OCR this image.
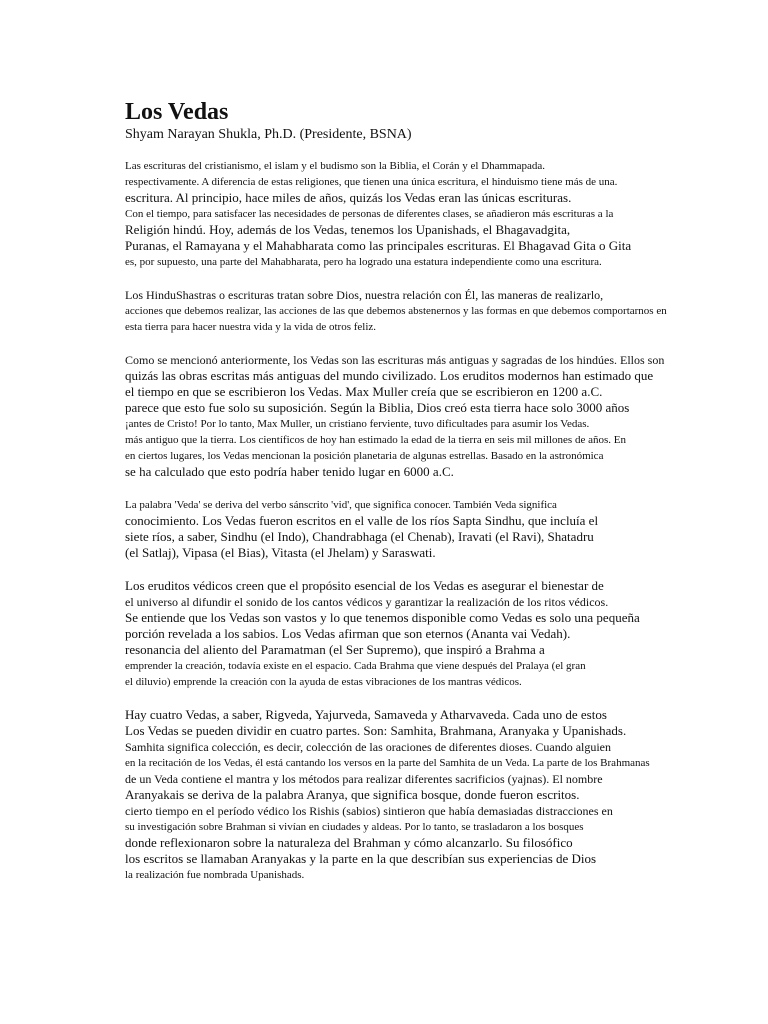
Los Vedas
Shyam Narayan Shukla, Ph.D. (Presidente, BSNA)
Las escrituras del cristianismo, el islam y el budismo son la Biblia, el Corán y el Dhammapada.
respectivamente. A diferencia de estas religiones, que tienen una única escritura, el hinduismo tiene más de una.
escritura. Al principio, hace miles de años, quizás los Vedas eran las únicas escrituras.
Con el tiempo, para satisfacer las necesidades de personas de diferentes clases, se añadieron más escrituras a la
Religión hindú. Hoy, además de los Vedas, tenemos los Upanishads, el Bhagavadgita,
Puranas, el Ramayana y el Mahabharata como las principales escrituras. El Bhagavad Gita o Gita
es, por supuesto, una parte del Mahabharata, pero ha logrado una estatura independiente como una escritura.
Los HinduShastras o escrituras tratan sobre Dios, nuestra relación con Él, las maneras de realizarlo,
acciones que debemos realizar, las acciones de las que debemos abstenernos y las formas en que debemos comportarnos en
esta tierra para hacer nuestra vida y la vida de otros feliz.
Como se mencionó anteriormente, los Vedas son las escrituras más antiguas y sagradas de los hindúes. Ellos son
quizás las obras escritas más antiguas del mundo civilizado. Los eruditos modernos han estimado que
el tiempo en que se escribieron los Vedas. Max Muller creía que se escribieron en 1200 a.C.
parece que esto fue solo su suposición. Según la Biblia, Dios creó esta tierra hace solo 3000 años
¡antes de Cristo! Por lo tanto, Max Muller, un cristiano ferviente, tuvo dificultades para asumir los Vedas.
más antiguo que la tierra. Los científicos de hoy han estimado la edad de la tierra en seis mil millones de años. En
en ciertos lugares, los Vedas mencionan la posición planetaria de algunas estrellas. Basado en la astronómica
se ha calculado que esto podría haber tenido lugar en 6000 a.C.
La palabra 'Veda' se deriva del verbo sánscrito 'vid', que significa conocer. También Veda significa
conocimiento. Los Vedas fueron escritos en el valle de los ríos Sapta Sindhu, que incluía el
siete ríos, a saber, Sindhu (el Indo), Chandrabhaga (el Chenab), Iravati (el Ravi), Shatadru
(el Satlaj), Vipasa (el Bias), Vitasta (el Jhelam) y Saraswati.
Los eruditos védicos creen que el propósito esencial de los Vedas es asegurar el bienestar de
el universo al difundir el sonido de los cantos védicos y garantizar la realización de los ritos védicos.
Se entiende que los Vedas son vastos y lo que tenemos disponible como Vedas es solo una pequeña
porción revelada a los sabios. Los Vedas afirman que son eternos (Ananta vai Vedah).
resonancia del aliento del Paramatman (el Ser Supremo), que inspiró a Brahma a
emprender la creación, todavía existe en el espacio. Cada Brahma que viene después del Pralaya (el gran
el diluvio) emprende la creación con la ayuda de estas vibraciones de los mantras védicos.
Hay cuatro Vedas, a saber, Rigveda, Yajurveda, Samaveda y Atharvaveda. Cada uno de estos
Los Vedas se pueden dividir en cuatro partes. Son: Samhita, Brahmana, Aranyaka y Upanishads.
Samhita significa colección, es decir, colección de las oraciones de diferentes dioses. Cuando alguien
en la recitación de los Vedas, él está cantando los versos en la parte del Samhita de un Veda. La parte de los Brahmanas
de un Veda contiene el mantra y los métodos para realizar diferentes sacrificios (yajnas). El nombre
Aranyakais se deriva de la palabra Aranya, que significa bosque, donde fueron escritos.
cierto tiempo en el período védico los Rishis (sabios) sintieron que había demasiadas distracciones en
su investigación sobre Brahman si vivían en ciudades y aldeas. Por lo tanto, se trasladaron a los bosques
donde reflexionaron sobre la naturaleza del Brahman y cómo alcanzarlo. Su filosófico
los escritos se llamaban Aranyakas y la parte en la que describían sus experiencias de Dios
la realización fue nombrada Upanishads.
